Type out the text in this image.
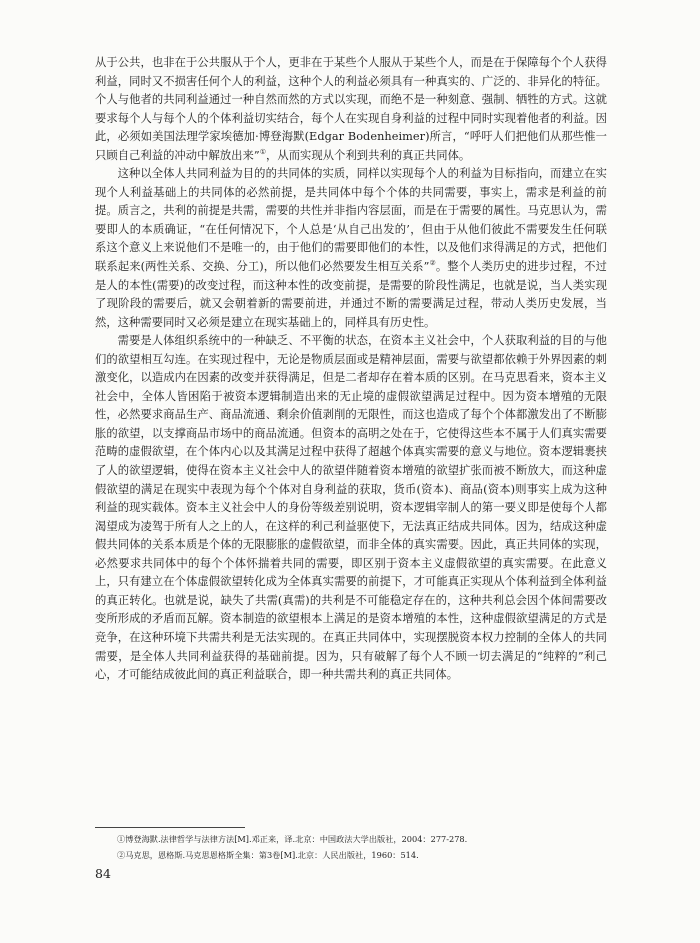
从于公共，也非在于公共服从于个人，更非在于某些个人服从于某些个人，而是在于保障每个个人获得利益，同时又不损害任何个人的利益，这种个人的利益必须具有一种真实的、广泛的、非异化的特征。个人与他者的共同利益通过一种自然而然的方式以实现，而绝不是一种刻意、强制、牺牲的方式。这就要求每个人与每个人的个体利益切实结合，每个人在实现自身利益的过程中同时实现着他者的利益。因此，必须如美国法理学家埃德加·博登海默(Edgar Bodenheimer)所言，“呼吁人们把他们从那些惟一只顾自己利益的冲动中解放出来”①，从而实现从个利到共利的真正共同体。

这种以全体人共同利益为目的的共同体的实质，同样以实现每个人的利益为目标指向，而建立在实现个人利益基础上的共同体的必然前提，是共同体中每个个体的共同需要，事实上，需求是利益的前提。质言之，共利的前提是共需，需要的共性并非指内容层面，而是在于需要的属性。马克思认为，需要即人的本质确证，“在任何情况下，个人总是‘从自己出发的’，但由于从他们彼此不需要发生任何联系这个意义上来说他们不是唯一的，由于他们的需要即他们的本性，以及他们求得满足的方式，把他们联系起来(两性关系、交换、分工)，所以他们必然要发生相互关系”②。整个人类历史的进步过程，不过是人的本性(需要)的改变过程，而这种本性的改变前提，是需要的阶段性满足，也就是说，当人类实现了现阶段的需要后，就又会朝着新的需要前进，并通过不断的需要满足过程，带动人类历史发展，当然，这种需要同时又必须是建立在现实基础上的，同样具有历史性。

需要是人体组织系统中的一种缺乏、不平衡的状态，在资本主义社会中，个人获取利益的目的与他们的欲望相互勾连。在实现过程中，无论是物质层面或是精神层面，需要与欲望都依赖于外界因素的刺激变化，以造成内在因素的改变并获得满足，但是二者却存在着本质的区别。在马克思看来，资本主义社会中，全体人皆困陷于被资本逻辑制造出来的无止境的虚假欲望满足过程中。因为资本增殖的无限性，必然要求商品生产、商品流通、剩余价值剥削的无限性，而这也造成了每个个体都激发出了不断膨胀的欲望，以支撑商品市场中的商品流通。但资本的高明之处在于，它使得这些本不属于人们真实需要范畴的虚假欲望，在个体内心以及其满足过程中获得了超越个体真实需要的意义与地位。资本逻辑裹挟了人的欲望逻辑，使得在资本主义社会中人的欲望伴随着资本增殖的欲望扩张而被不断放大，而这种虚假欲望的满足在现实中表现为每个个体对自身利益的获取，货币(资本)、商品(资本)则事实上成为这种利益的现实载体。资本主义社会中人的身份等级差别说明，资本逻辑宰制人的第一要义即是使每个人都渴望成为凌驾于所有人之上的人，在这样的利己利益驱使下，无法真正结成共同体。因为，结成这种虚假共同体的关系本质是个体的无限膨胀的虚假欲望，而非全体的真实需要。因此，真正共同体的实现，必然要求共同体中的每个个体怀揣着共同的需要，即区别于资本主义虚假欲望的真实需要。在此意义上，只有建立在个体虚假欲望转化成为全体真实需要的前提下，才可能真正实现从个体利益到全体利益的真正转化。也就是说，缺失了共需(真需)的共利是不可能稳定存在的，这种共利总会因个体间需要改变所形成的矛盾而瓦解。资本制造的欲望根本上满足的是资本增殖的本性，这种虚假欲望满足的方式是竞争，在这种环境下共需共利是无法实现的。在真正共同体中，实现摆脱资本权力控制的全体人的共同需要，是全体人共同利益获得的基础前提。因为，只有破解了每个人不顾一切去满足的“纯粹的”利己心，才可能结成彼此间的真正利益联合，即一种共需共利的真正共同体。

①博登海默.法律哲学与法律方法[M].邓正来，译.北京：中国政法大学出版社，2004：277-278.
②马克思，恩格斯.马克思恩格斯全集：第3卷[M].北京：人民出版社，1960：514.
84
